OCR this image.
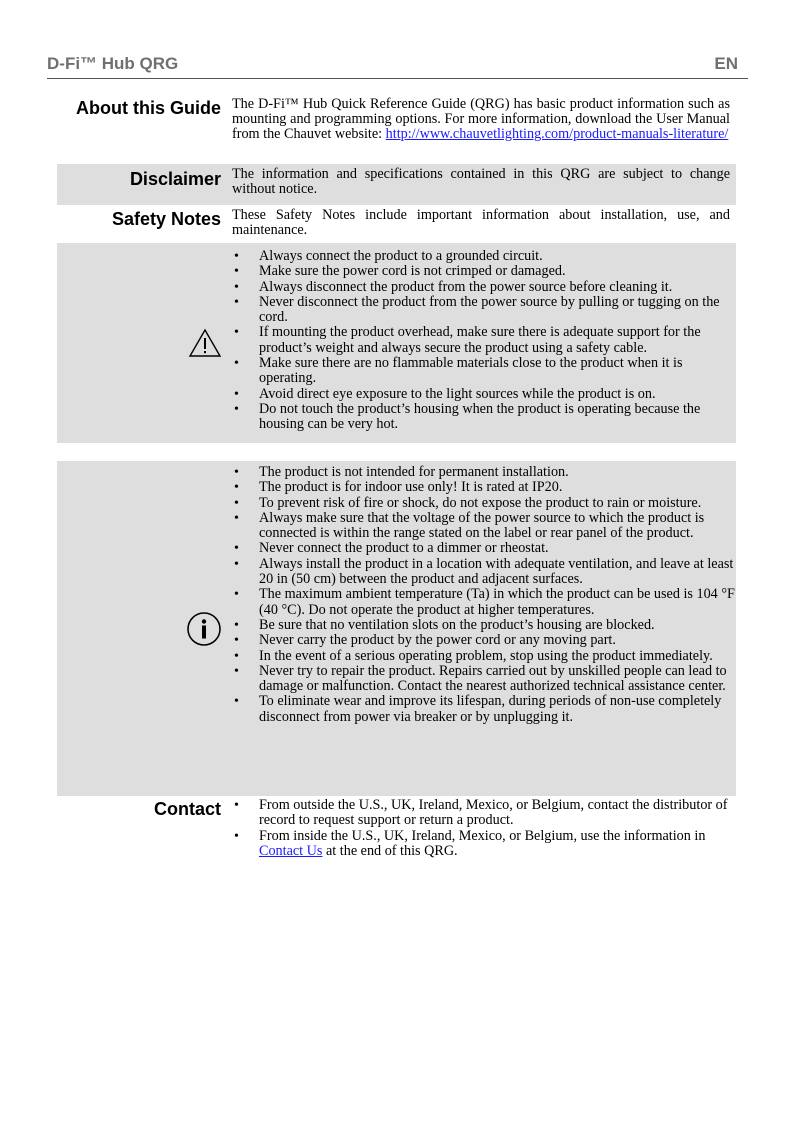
D-Fi™ Hub QRG	EN
About this Guide The D-Fi™ Hub Quick Reference Guide (QRG) has basic product information such as mounting and programming options. For more information, download the User Manual from the Chauvet website: http://www.chauvetlighting.com/product-manuals-literature/

Disclaimer The information and specifications contained in this QRG are subject to change without notice.

Safety Notes These Safety Notes include important information about installation, use, and maintenance.

• Always connect the product to a grounded circuit.
• Make sure the power cord is not crimped or damaged.
• Always disconnect the product from the power source before cleaning it.
• Never disconnect the product from the power source by pulling or tugging on the cord.
• If mounting the product overhead, make sure there is adequate support for the product’s weight and always secure the product using a safety cable.
• Make sure there are no flammable materials close to the product when it is operating.
• Avoid direct eye exposure to the light sources while the product is on.
• Do not touch the product’s housing when the product is operating because the housing can be very hot.
• The product is not intended for permanent installation.
• The product is for indoor use only! It is rated at IP20.
• To prevent risk of fire or shock, do not expose the product to rain or moisture.
• Always make sure that the voltage of the power source to which the product is connected is within the range stated on the label or rear panel of the product.
• Never connect the product to a dimmer or rheostat.
• Always install the product in a location with adequate ventilation, and leave at least 20 in (50 cm) between the product and adjacent surfaces.
• The maximum ambient temperature (Ta) in which the product can be used is 104 °F (40 °C). Do not operate the product at higher temperatures.
• Be sure that no ventilation slots on the product’s housing are blocked.
• Never carry the product by the power cord or any moving part.
• In the event of a serious operating problem, stop using the product immediately.
• Never try to repair the product. Repairs carried out by unskilled people can lead to damage or malfunction. Contact the nearest authorized technical assistance center.
• To eliminate wear and improve its lifespan, during periods of non-use completely disconnect from power via breaker or by unplugging it.
Contact
•	From outside the U.S., UK, Ireland, Mexico, or Belgium, contact the distributor of record to request support or return a product.
• From inside the U.S., UK, Ireland, Mexico, or Belgium, use the information in Contact Us at the end of this QRG.
